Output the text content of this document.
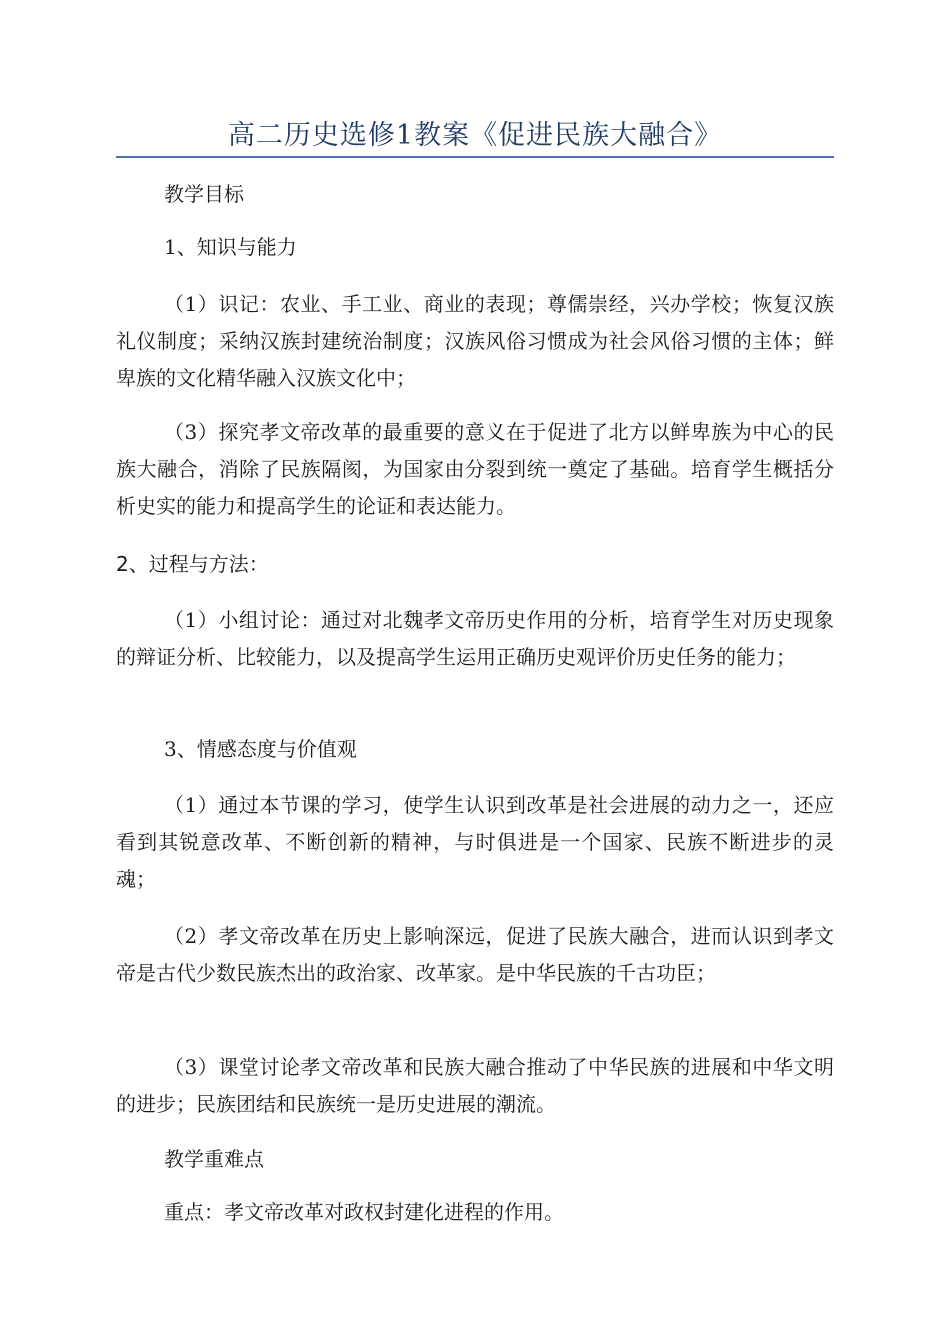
高二历史选修1教案《促进民族大融合》

教学目标

1、知识与能力

（1）识记：农业、手工业、商业的表现；尊儒崇经，兴办学校；恢复汉族礼仪制度；采纳汉族封建统治制度；汉族风俗习惯成为社会风俗习惯的主体；鲜卑族的文化精华融入汉族文化中；

（3）探究孝文帝改革的最重要的意义在于促进了北方以鲜卑族为中心的民族大融合，消除了民族隔阂，为国家由分裂到统一奠定了基础。培育学生概括分析史实的能力和提高学生的论证和表达能力。

2、过程与方法：

（1）小组讨论：通过对北魏孝文帝历史作用的分析，培育学生对历史现象的辩证分析、比较能力，以及提高学生运用正确历史观评价历史任务的能力；

3、情感态度与价值观

（1）通过本节课的学习，使学生认识到改革是社会进展的动力之一，还应看到其锐意改革、不断创新的精神，与时俱进是一个国家、民族不断进步的灵魂；

（2）孝文帝改革在历史上影响深远，促进了民族大融合，进而认识到孝文帝是古代少数民族杰出的政治家、改革家。是中华民族的千古功臣；

（3）课堂讨论孝文帝改革和民族大融合推动了中华民族的进展和中华文明的进步；民族团结和民族统一是历史进展的潮流。

教学重难点

重点：孝文帝改革对政权封建化进程的作用。
